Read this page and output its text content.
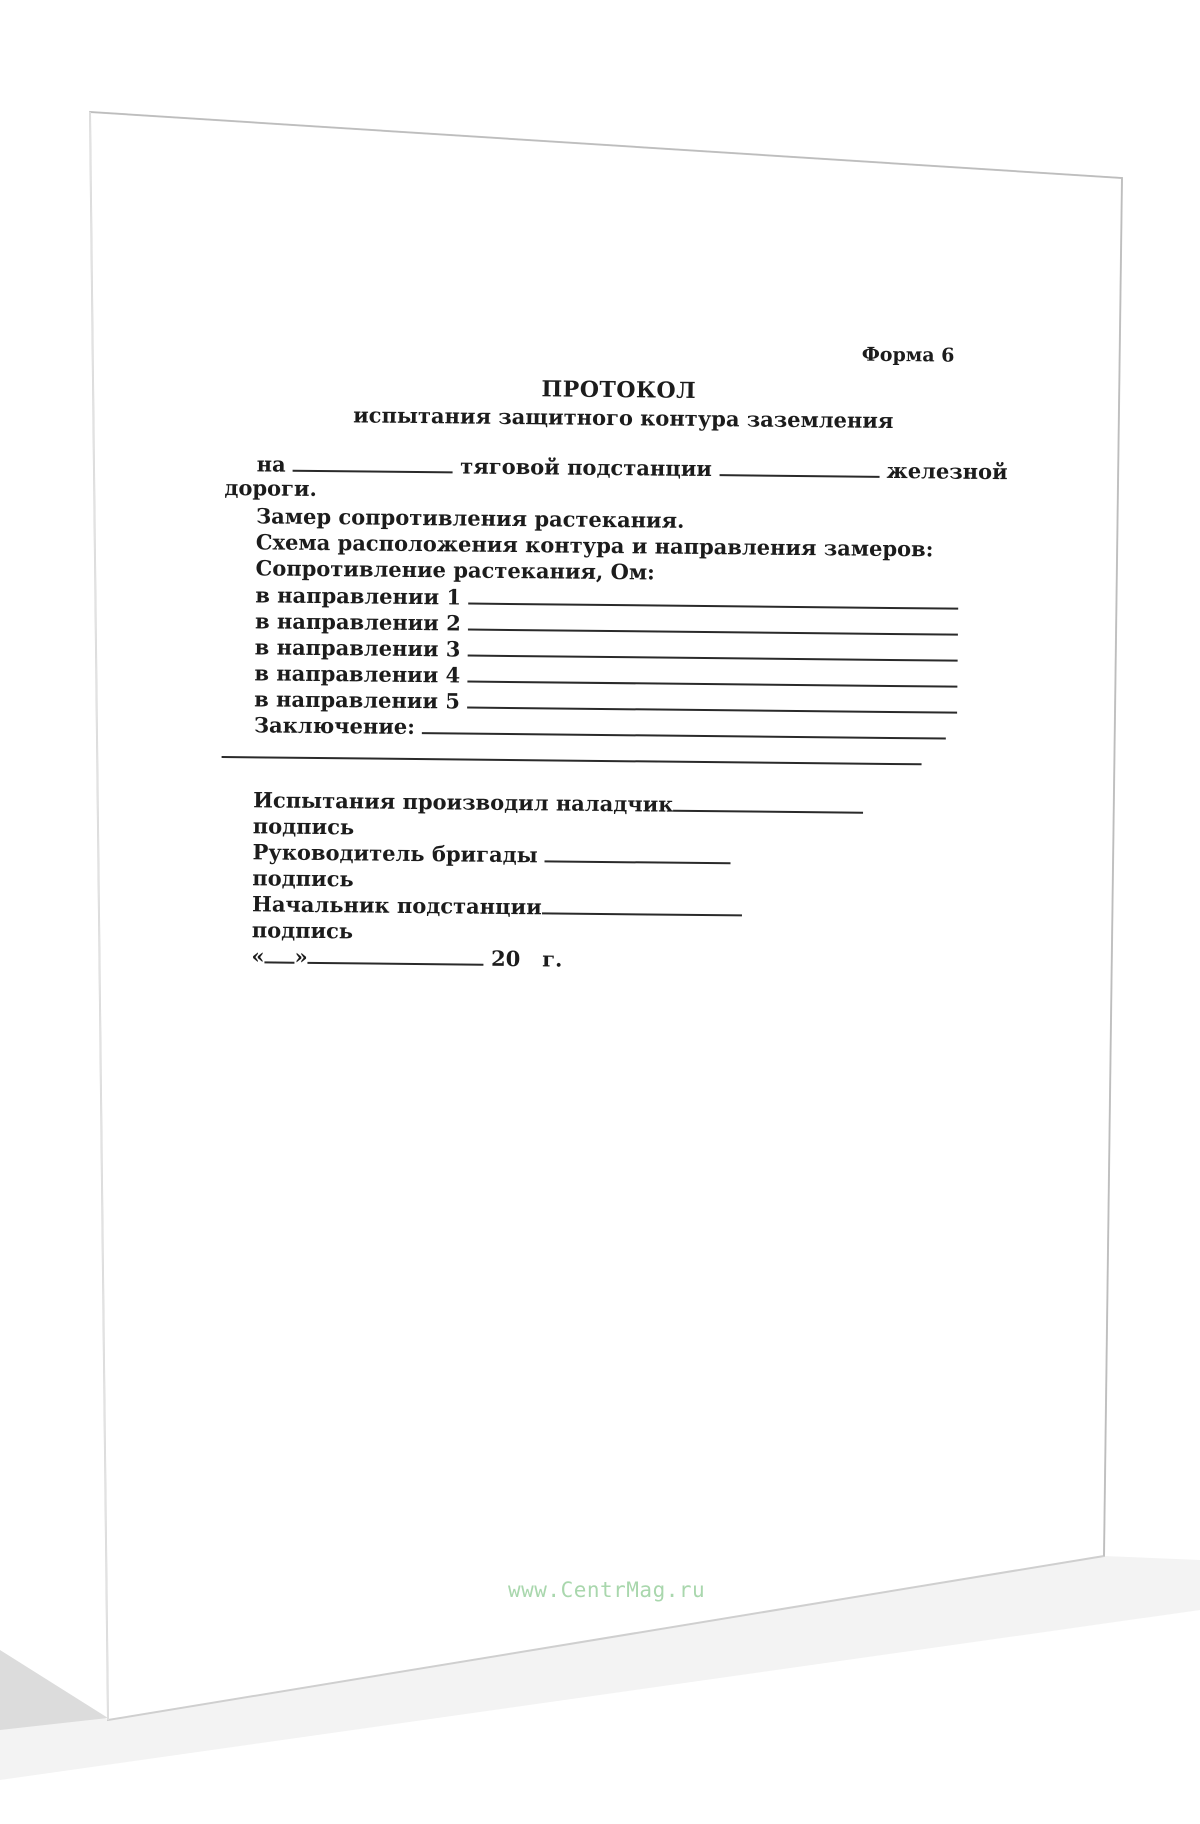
Форма 6
ПРОТОКОЛ
испытания защитного контура заземления
на	тяговой подстанции	железной
дороги.
Замер сопротивления растекания.
Схема расположения контура и направления замеров:
Сопротивление растекания, Ом:
в направлении 1
в направлении 2
в направлении 3
в направлении 4
в направлении 5
Заключение:
Испытания производил наладчик
подпись
Руководитель бригады
подпись
Начальник подстанции
подпись
« »	20 г.
www.CentrMag.ru
